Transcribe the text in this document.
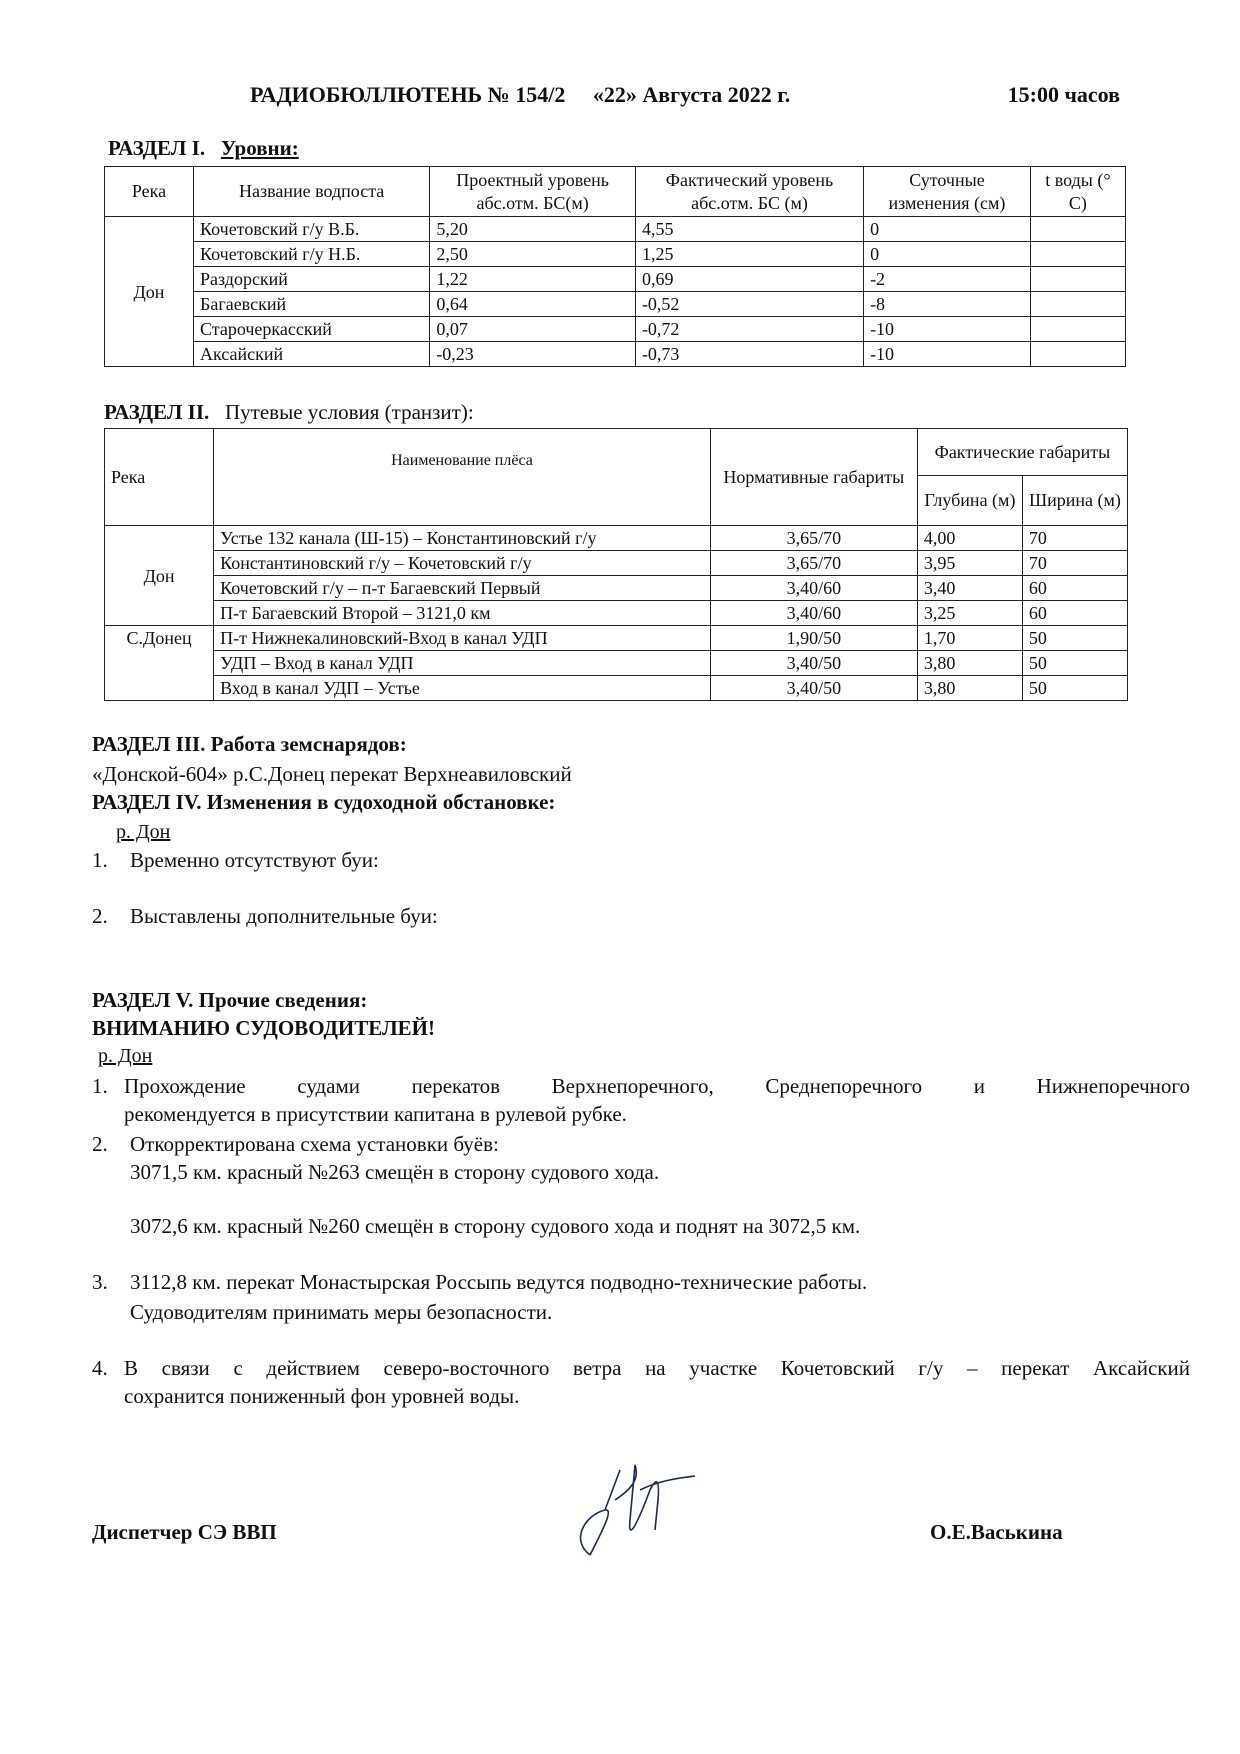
РАДИОБЮЛЛЮТЕНЬ № 154/2 «22» Августа 2022 г.	15:00 часов
РАЗДЕЛ I. Уровни:
Река	Название водпоста	Проектный уровень абс.отм. БС(м)	Фактический уровень абс.отм. БС (м)	Суточные изменения (см)	t воды (° С)
Дон	Кочетовский г/у В.Б.	5,20	4,55	0	
	Кочетовский г/у Н.Б.	2,50	1,25	0	
	Раздорский	1,22	0,69	-2	
	Багаевский	0,64	-0,52	-8	
	Старочеркасский	0,07	-0,72	-10	
	Аксайский	-0,23	-0,73	-10	
РАЗДЕЛ II. Путевые условия (транзит):
Река	Наименование плёса	Нормативные габариты	Фактические габариты	
			Глубина (м)	Ширина (м)
Дон	Устье 132 канала (Ш-15) – Константиновский г/у	3,65/70	4,00	70
	Константиновский г/у – Кочетовский г/у	3,65/70	3,95	70
	Кочетовский г/у – п-т Багаевский Первый	3,40/60	3,40	60
	П-т Багаевский Второй – 3121,0 км	3,40/60	3,25	60
С.Донец	П-т Нижнекалиновский-Вход в канал УДП	1,90/50	1,70	50
	УДП – Вход в канал УДП	3,40/50	3,80	50
	Вход в канал УДП – Устье	3,40/50	3,80	50
РАЗДЕЛ III. Работа земснарядов:
«Донской-604» р.С.Донец перекат Верхнеавиловский
РАЗДЕЛ IV. Изменения в судоходной обстановке:
р. Дон
1. Временно отсутствуют буи:
2. Выставлены дополнительные буи:
РАЗДЕЛ V. Прочие сведения:
ВНИМАНИЮ СУДОВОДИТЕЛЕЙ!
р. Дон
1. Прохождение судами перекатов Верхнепоречного, Среднепоречного и Нижнепоречного
рекомендуется в присутствии капитана в рулевой рубке.
2. Откорректирована схема установки буёв:
3071,5 км. красный №263 смещён в сторону судового хода.
3072,6 км. красный №260 смещён в сторону судового хода и поднят на 3072,5 км.
3. 3112,8 км. перекат Монастырская Россыпь ведутся подводно-технические работы.
Судоводителям принимать меры безопасности.
4. В связи с действием северо-восточного ветра на участке Кочетовский г/у – перекат Аксайский
сохранится пониженный фон уровней воды.
Диспетчер СЭ ВВП	О.Е.Васькина
